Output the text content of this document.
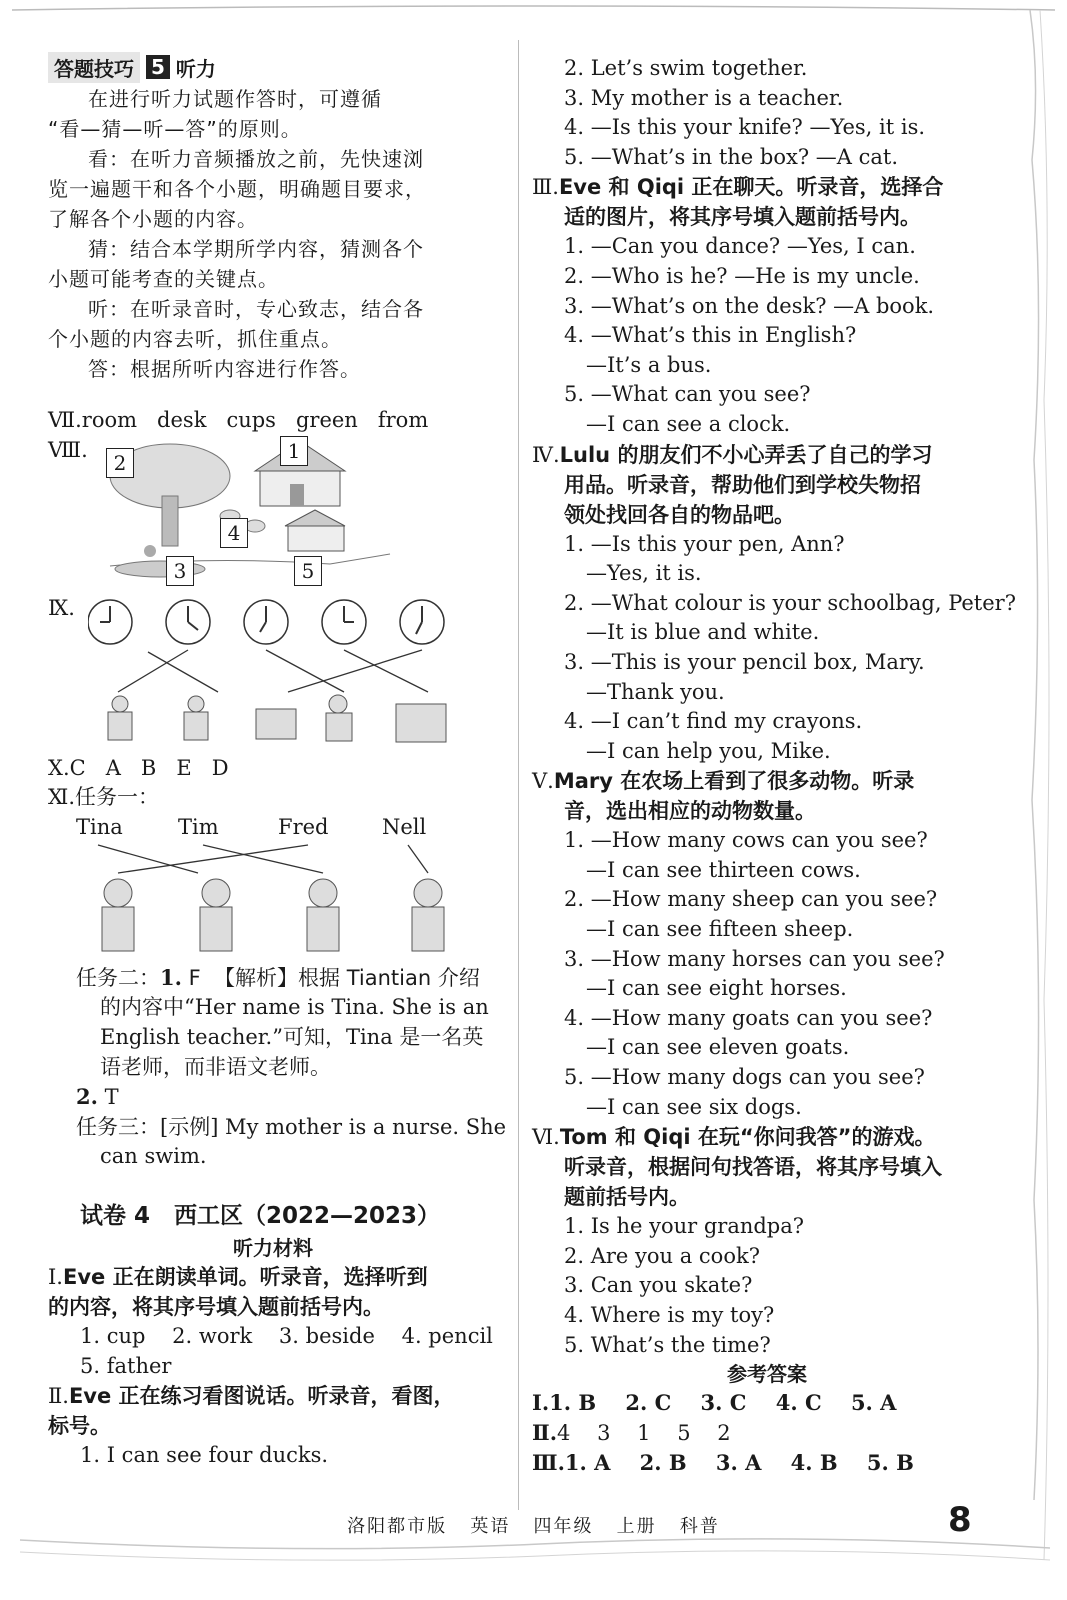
答题技巧 5 听力
在进行听力试题作答时，可遵循
“看—猜—听—答”的原则。
看：在听力音频播放之前，先快速浏
览一遍题干和各个小题，明确题目要求，
了解各个小题的内容。
猜：结合本学期所学内容，猜测各个
小题可能考查的关键点。
听：在听录音时，专心致志，结合各
个小题的内容去听，抓住重点。
答：根据所听内容进行作答。
Ⅶ.room   desk   cups   green   from
Ⅷ.
2	1
4
3	5
Ⅸ.
Ⅹ.C   A   B   E   D
Ⅺ.任务一：
Tina	Tim	Fred	Nell
任务二：1. F  【解析】根据 Tiantian 介绍
的内容中“Her name is Tina. She is an
English teacher.”可知，Tina 是一名英
语老师，而非语文老师。
2. T
任务三：[示例] My mother is a nurse. She
can swim.
试卷 4   西工区（2022—2023）
听力材料
Ⅰ.Eve 正在朗读单词。听录音，选择听到
的内容，将其序号填入题前括号内。
1. cup    2. work    3. beside    4. pencil
5. father
Ⅱ.Eve 正在练习看图说话。听录音，看图，
标号。
1. I can see four ducks.
2. Let’s swim together.
3. My mother is a teacher.
4. —Is this your knife? —Yes, it is.
5. —What’s in the box? —A cat.
Ⅲ.Eve 和 Qiqi 正在聊天。听录音，选择合
适的图片，将其序号填入题前括号内。
1. —Can you dance? —Yes, I can.
2. —Who is he? —He is my uncle.
3. —What’s on the desk? —A book.
4. —What’s this in English?
—It’s a bus.
5. —What can you see?
—I can see a clock.
Ⅳ.Lulu 的朋友们不小心弄丢了自己的学习
用品。听录音，帮助他们到学校失物招
领处找回各自的物品吧。
1. —Is this your pen, Ann?
—Yes, it is.
2. —What colour is your schoolbag, Peter?
—It is blue and white.
3. —This is your pencil box, Mary.
—Thank you.
4. —I can’t find my crayons.
—I can help you, Mike.
Ⅴ.Mary 在农场上看到了很多动物。听录
音，选出相应的动物数量。
1. —How many cows can you see?
—I can see thirteen cows.
2. —How many sheep can you see?
—I can see fifteen sheep.
3. —How many horses can you see?
—I can see eight horses.
4. —How many goats can you see?
—I can see eleven goats.
5. —How many dogs can you see?
—I can see six dogs.
Ⅵ.Tom 和 Qiqi 在玩“你问我答”的游戏。
听录音，根据问句找答语，将其序号填入
题前括号内。
1. Is he your grandpa?
2. Are you a cook?
3. Can you skate?
4. Where is my toy?
5. What’s the time?
参考答案
Ⅰ.1. B    2. C    3. C    4. C    5. A
Ⅱ.4    3    1    5    2
Ⅲ.1. A    2. B    3. A    4. B    5. B
洛阳都市版   英语   四年级   上册   科普	8
